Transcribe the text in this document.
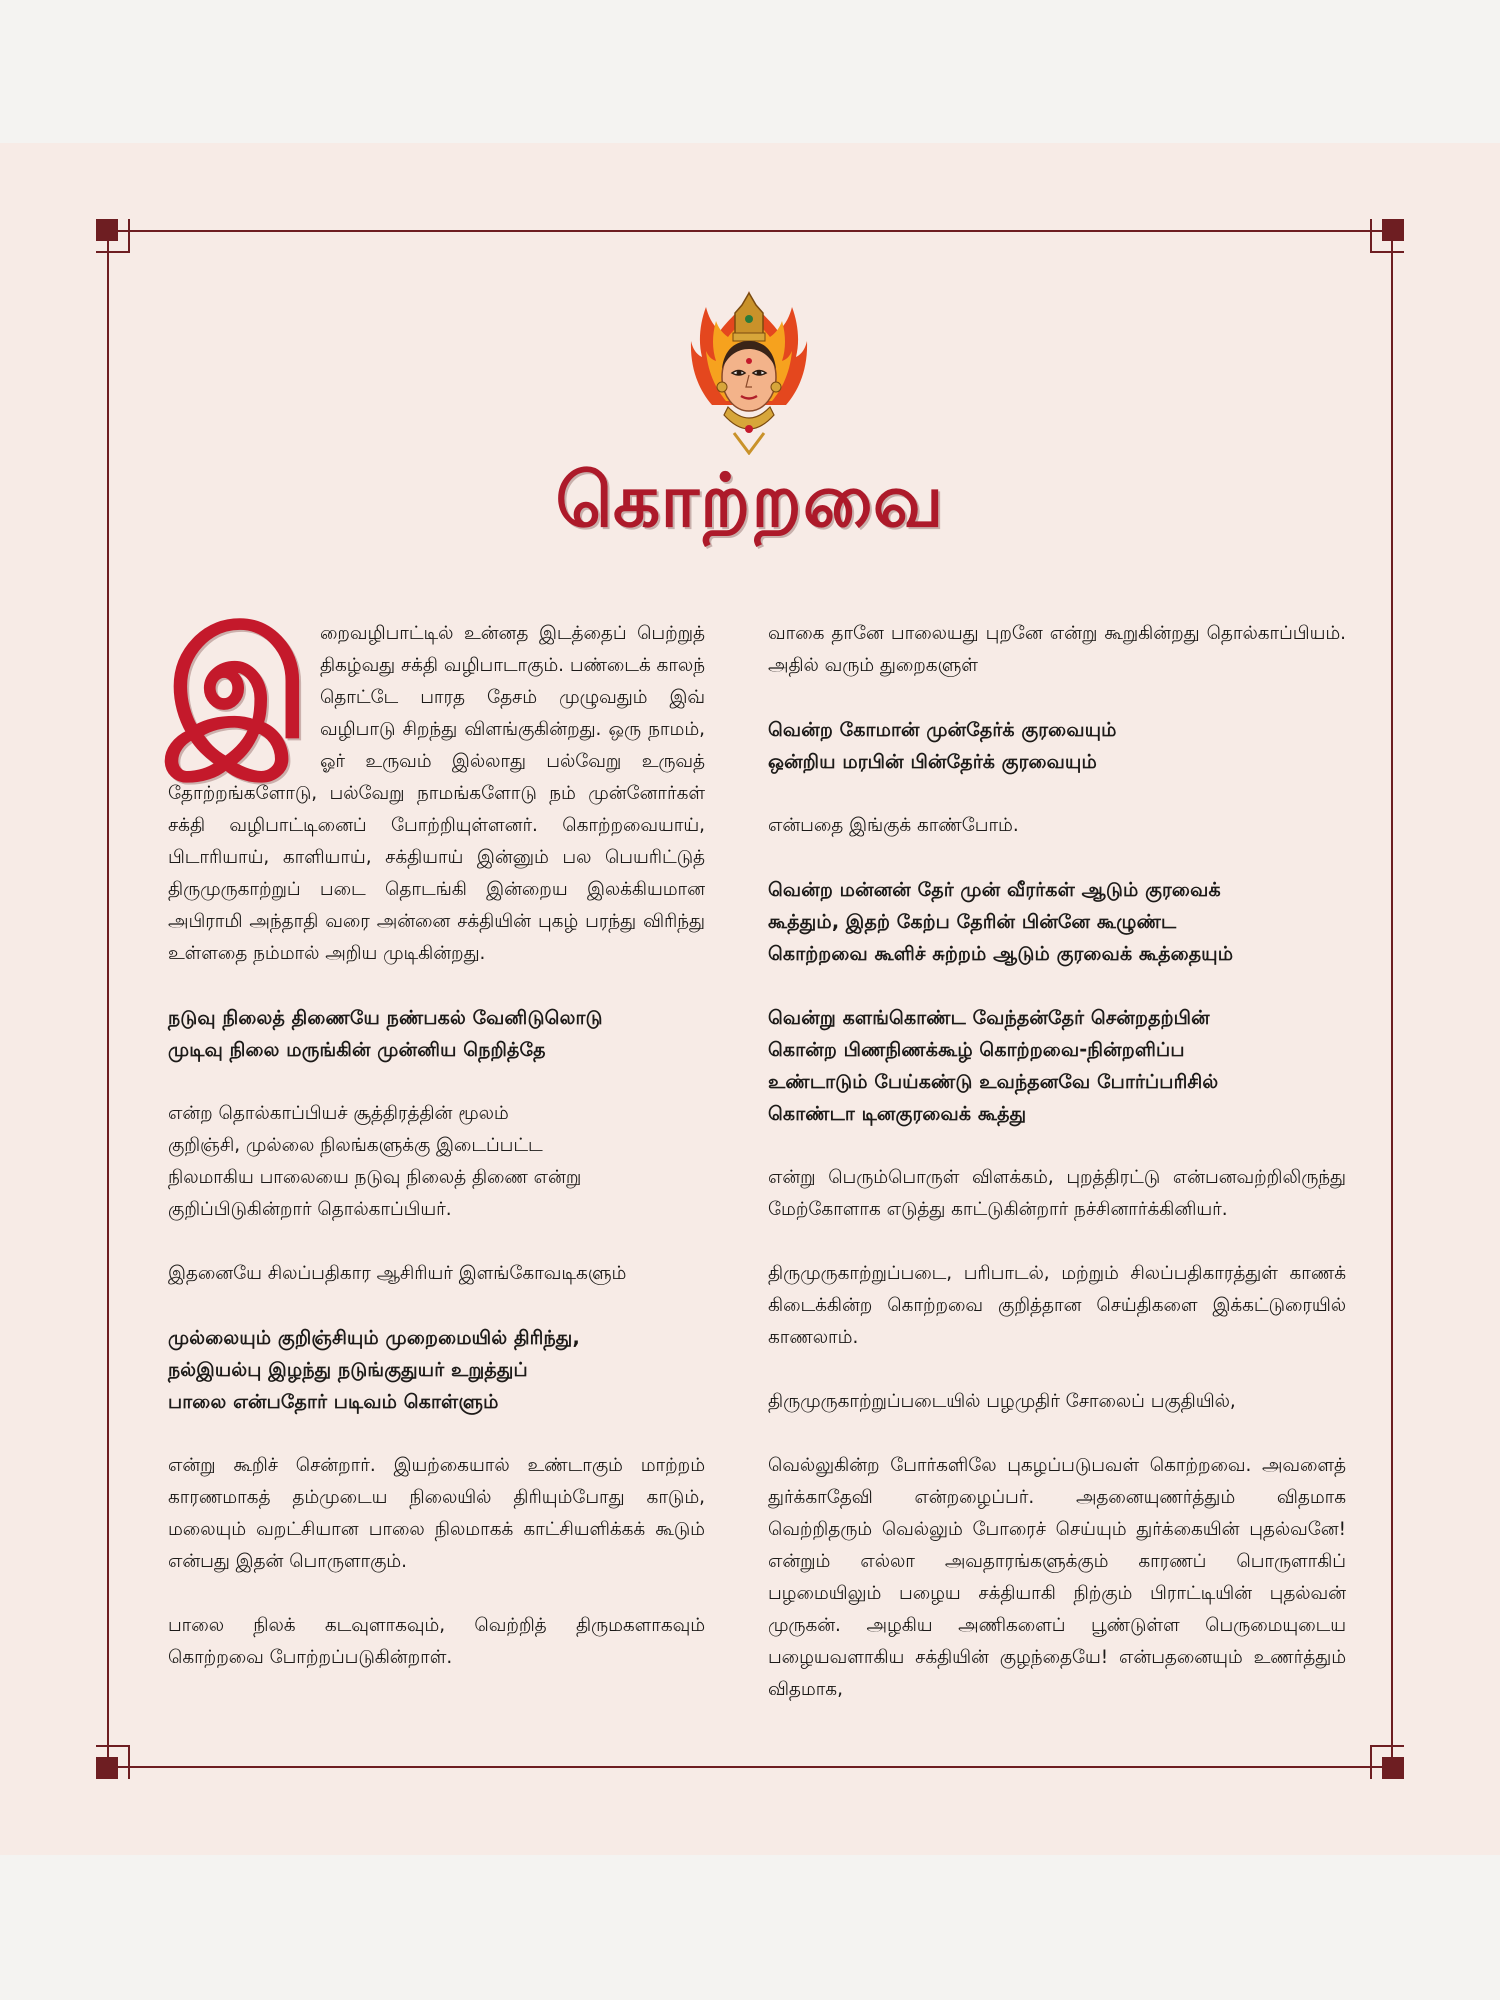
கொற்றவை

இறைவழிபாட்டில் உன்னத இடத்தைப் பெற்றுத் திகழ்வது சக்தி வழிபாடாகும். பண்டைக் காலந் தொட்டே பாரத தேசம் முழுவதும் இவ் வழிபாடு சிறந்து விளங்குகின்றது. ஒரு நாமம், ஓர் உருவம் இல்லாது பல்வேறு உருவத் தோற்றங்களோடு, பல்வேறு நாமங்களோடு நம் முன்னோர்கள் சக்தி வழிபாட்டினைப் போற்றியுள்ளனர். கொற்றவையாய், பிடாரியாய், காளியாய், சக்தியாய் இன்னும் பல பெயரிட்டுத் திருமுருகாற்றுப் படை தொடங்கி இன்றைய இலக்கியமான அபிராமி அந்தாதி வரை அன்னை சக்தியின் புகழ் பரந்து விரிந்து உள்ளதை நம்மால் அறிய முடிகின்றது.

நடுவு நிலைத் திணையே நண்பகல் வேனிடுலொடு
முடிவு நிலை மருங்கின் முன்னிய நெறித்தே

என்ற தொல்காப்பியச் சூத்திரத்தின் மூலம்
குறிஞ்சி, முல்லை நிலங்களுக்கு இடைப்பட்ட
நிலமாகிய பாலையை நடுவு நிலைத் திணை என்று
குறிப்பிடுகின்றார் தொல்காப்பியர்.

இதனையே சிலப்பதிகார ஆசிரியர் இளங்கோவடிகளும்

முல்லையும் குறிஞ்சியும் முறைமையில் திரிந்து,
நல்இயல்பு இழந்து நடுங்குதுயர் உறுத்துப்
பாலை என்பதோர் படிவம் கொள்ளும்

என்று கூறிச் சென்றார். இயற்கையால் உண்டாகும் மாற்றம் காரணமாகத் தம்முடைய நிலையில் திரியும்போது காடும், மலையும் வறட்சியான பாலை நிலமாகக் காட்சியளிக்கக் கூடும் என்பது இதன் பொருளாகும்.

பாலை நிலக் கடவுளாகவும், வெற்றித் திருமகளாகவும் கொற்றவை போற்றப்படுகின்றாள்.

வாகை தானே பாலையது புறனே என்று கூறுகின்றது தொல்காப்பியம். அதில் வரும் துறைகளுள்

வென்ற கோமான் முன்தேர்க் குரவையும்
ஒன்றிய மரபின் பின்தேர்க் குரவையும்

என்பதை இங்குக் காண்போம்.

வென்ற மன்னன் தேர் முன் வீரர்கள் ஆடும் குரவைக்
கூத்தும், இதற் கேற்ப தேரின் பின்னே கூழுண்ட
கொற்றவை கூளிச் சுற்றம் ஆடும் குரவைக் கூத்தையும்

வென்று களங்கொண்ட வேந்தன்தேர் சென்றதற்பின்
கொன்ற பிணநிணக்கூழ் கொற்றவை-நின்றளிப்ப
உண்டாடும் பேய்கண்டு உவந்தனவே போர்ப்பரிசில்
கொண்டா டினகுரவைக் கூத்து

என்று பெரும்பொருள் விளக்கம், புறத்திரட்டு என்பனவற்றிலிருந்து மேற்கோளாக எடுத்து காட்டுகின்றார் நச்சினார்க்கினியர்.

திருமுருகாற்றுப்படை, பரிபாடல், மற்றும் சிலப்பதிகாரத்துள் காணக் கிடைக்கின்ற கொற்றவை குறித்தான செய்திகளை இக்கட்டுரையில் காணலாம்.

திருமுருகாற்றுப்படையில் பழமுதிர் சோலைப் பகுதியில்,

வெல்லுகின்ற போர்களிலே புகழப்படுபவள் கொற்றவை. அவளைத் துர்க்காதேவி என்றழைப்பர். அதனையுணர்த்தும் விதமாக வெற்றிதரும் வெல்லும் போரைச் செய்யும் துர்க்கையின் புதல்வனே! என்றும் எல்லா அவதாரங்களுக்கும் காரணப் பொருளாகிப் பழமையிலும் பழைய சக்தியாகி நிற்கும் பிராட்டியின் புதல்வன் முருகன். அழகிய அணிகளைப் பூண்டுள்ள பெருமையுடைய பழையவளாகிய சக்தியின் குழந்தையே! என்பதனையும் உணர்த்தும் விதமாக,
